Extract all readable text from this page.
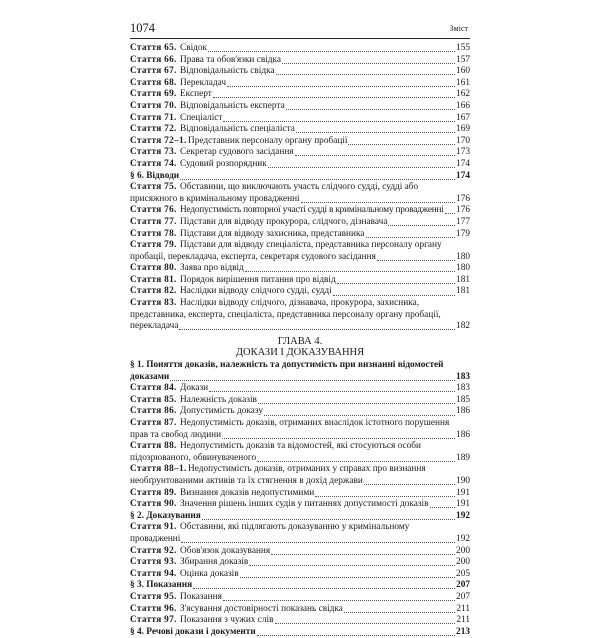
1074	Зміст
Стаття 65. Свідок	155
Стаття 66. Права та обов'язки свідка	157
Стаття 67. Відповідальність свідка	160
Стаття 68. Перекладач	161
Стаття 69. Експерт	162
Стаття 70. Відповідальність експерта	166
Стаття 71. Спеціаліст	167
Стаття 72. Відповідальність спеціаліста	169
Стаття 72–1. Представник персоналу органу пробації	170
Стаття 73. Секретар судового засідання	173
Стаття 74. Судовий розпорядник	174
§ 6. Відводи	174
Стаття 75. Обставини, що виключають участь слідчого судді, судді або
присяжного в кримінальному провадженні	176
Стаття 76. Недопустимість повторної участі судді в кримінальному провадженні 176
Стаття 77. Підстави для відводу прокурора, слідчого, дізнавача	177
Стаття 78. Підстави для відводу захисника, представника	179
Стаття 79. Підстави для відводу спеціаліста, представника персоналу органу
пробації, перекладача, експерта, секретаря судового засідання	180
Стаття 80. Заява про відвід	180
Стаття 81. Порядок вирішення питання про відвід	181
Стаття 82. Наслідки відводу слідчого судді, судді	181
Стаття 83. Наслідки відводу слідчого, дізнавача, прокурора, захисника,
представника, експерта, спеціаліста, представника персоналу органу пробації,
перекладача	182
ГЛАВА 4.
ДОКАЗИ І ДОКАЗУВАННЯ
§ 1. Поняття доказів, належність та допустимість при визнанні відомостей
доказами	183
Стаття 84. Докази	183
Стаття 85. Належність доказів	185
Стаття 86. Допустимість доказу	186
Стаття 87. Недопустимість доказів, отриманих внаслідок істотного порушення
прав та свобод людини	186
Стаття 88. Недопустимість доказів та відомостей, які стосуються особи
підозрюваного, обвинуваченого	189
Стаття 88–1.Недопустимість доказів, отриманих у справах про визнання
необґрунтованими активів та їх стягнення в дохід держави	190
Стаття 89. Визнання доказів недопустимими	191
Стаття 90. Значення рішень інших судів у питаннях допустимості доказів	191
§ 2. Доказування	192
Стаття 91. Обставини, які підлягають доказуванню у кримінальному
провадженні	192
Стаття 92. Обов'язок доказування	200
Стаття 93. Збирання доказів	200
Стаття 94. Оцінка доказів	205
§ 3. Показання	207
Стаття 95. Показання	207
Стаття 96. З'ясування достовірності показань свідка	211
Стаття 97. Показання з чужих слів	211
§ 4. Речові докази і документи	213
